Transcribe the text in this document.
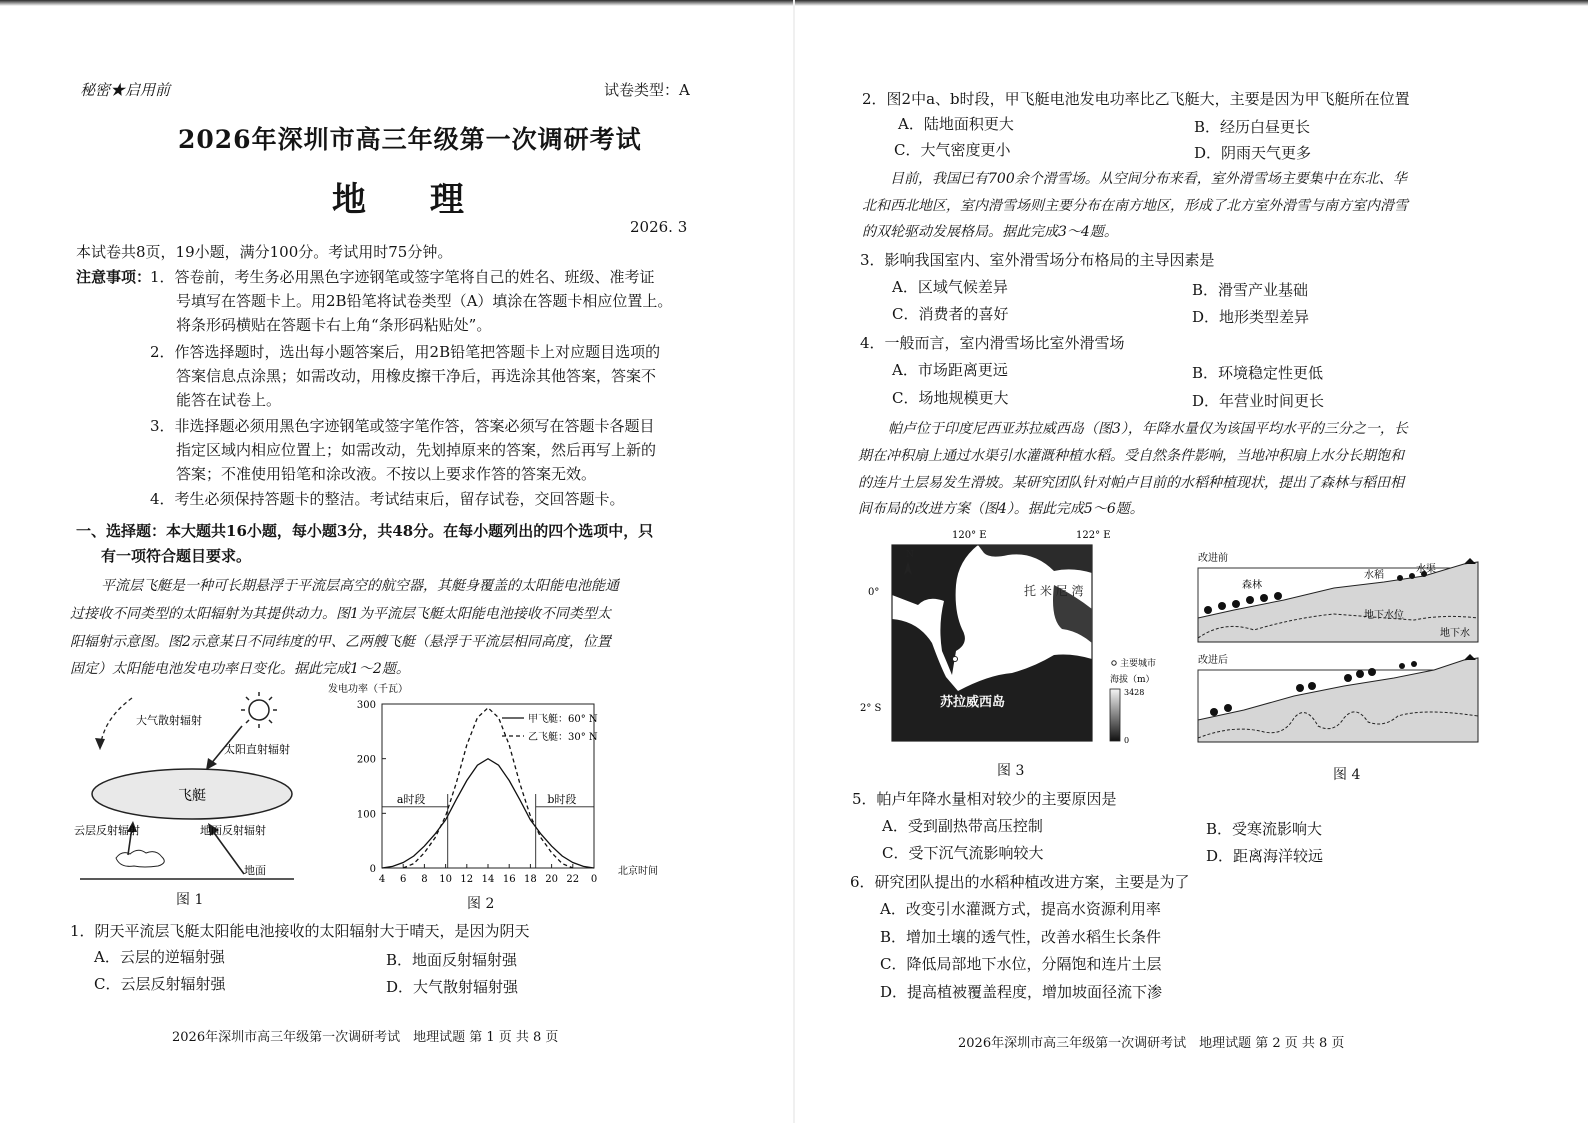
秘密★启用前	试卷类型：A
2026年深圳市高三年级第一次调研考试
地 理
2026. 3
本试卷共8页，19小题，满分100分。考试用时75分钟。
注意事项：
1．答卷前，考生务必用黑色字迹钢笔或签字笔将自己的姓名、班级、准考证
号填写在答题卡上。用2B铅笔将试卷类型（A）填涂在答题卡相应位置上。
将条形码横贴在答题卡右上角“条形码粘贴处”。
2．作答选择题时，选出每小题答案后，用2B铅笔把答题卡上对应题目选项的
答案信息点涂黑；如需改动，用橡皮擦干净后，再选涂其他答案，答案不
能答在试卷上。
3．非选择题必须用黑色字迹钢笔或签字笔作答，答案必须写在答题卡各题目
指定区域内相应位置上；如需改动，先划掉原来的答案，然后再写上新的
答案；不准使用铅笔和涂改液。不按以上要求作答的答案无效。
4．考生必须保持答题卡的整洁。考试结束后，留存试卷，交回答题卡。
一、选择题：本大题共16小题，每小题3分，共48分。在每小题列出的四个选项中，只
有一项符合题目要求。
平流层飞艇是一种可长期悬浮于平流层高空的航空器，其艇身覆盖的太阳能电池能通
过接收不同类型的太阳辐射为其提供动力。图1为平流层飞艇太阳能电池接收不同类型太
阳辐射示意图。图2示意某日不同纬度的甲、乙两艘飞艇（悬浮于平流层相同高度，位置
固定）太阳能电池发电功率日变化。据此完成1～2题。
飞艇
大气散射辐射
太阳直射辐射
云层反射辐射	地面反射辐射
地面
图 1
发电功率（千瓦）
北京时间
0
100
200
300
4 6 8 10 12 14 16 18 20 22 0
甲飞艇：60° N
乙飞艇：30° N
a时段	b时段
图 2
1．阴天平流层飞艇太阳能电池接收的太阳辐射大于晴天，是因为阴天
A．云层的逆辐射强	B．地面反射辐射强
C．云层反射辐射强	D．大气散射辐射强
2026年深圳市高三年级第一次调研考试　地理试题 第 1 页 共 8 页
2．图2中a、b时段，甲飞艇电池发电功率比乙飞艇大，主要是因为甲飞艇所在位置
A．陆地面积更大	B．经历白昼更长
C．大气密度更小	D．阴雨天气更多
目前，我国已有700余个滑雪场。从空间分布来看，室外滑雪场主要集中在东北、华
北和西北地区，室内滑雪场则主要分布在南方地区，形成了北方室外滑雪与南方室内滑雪
的双轮驱动发展格局。据此完成3～4题。
3．影响我国室内、室外滑雪场分布格局的主导因素是
A．区域气候差异	B．滑雪产业基础
C．消费者的喜好	D．地形类型差异
4．一般而言，室内滑雪场比室外滑雪场
A．市场距离更远	B．环境稳定性更低
C．场地规模更大	D．年营业时间更长
帕卢位于印度尼西亚苏拉威西岛（图3），年降水量仅为该国平均水平的三分之一，长
期在冲积扇上通过水渠引水灌溉种植水稻。受自然条件影响，当地冲积扇上水分长期饱和
的连片土层易发生滑坡。某研究团队针对帕卢目前的水稻种植现状，提出了森林与稻田相
间布局的改进方案（图4）。据此完成5～6题。
120° E	122° E
0°
2° S
N
托 米 尼 湾
苏拉威西岛
帕卢	主要城市
海拔（m）
3428
0
图 3
改进前
森林
水稻
水渠
地下水位
地下水
改进后
图 4
5．帕卢年降水量相对较少的主要原因是
A．受到副热带高压控制	B．受寒流影响大
C．受下沉气流影响较大	D．距离海洋较远
6．研究团队提出的水稻种植改进方案，主要是为了
A．改变引水灌溉方式，提高水资源利用率
B．增加土壤的透气性，改善水稻生长条件
C．降低局部地下水位，分隔饱和连片土层
D．提高植被覆盖程度，增加坡面径流下渗
2026年深圳市高三年级第一次调研考试　地理试题 第 2 页 共 8 页
